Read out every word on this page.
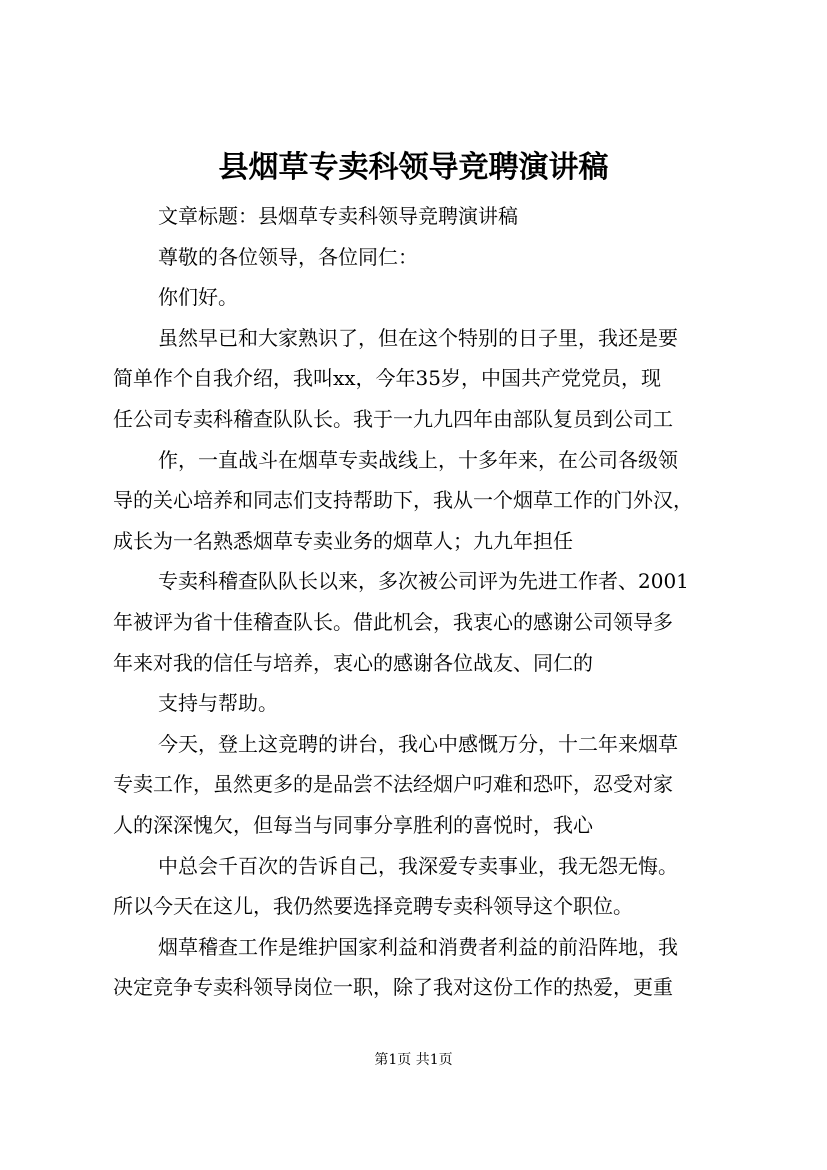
县烟草专卖科领导竞聘演讲稿
文章标题：县烟草专卖科领导竞聘演讲稿
尊敬的各位领导，各位同仁：
你们好。
虽然早已和大家熟识了，但在这个特别的日子里，我还是要
简单作个自我介绍，我叫xx，今年35岁，中国共产党党员，现
任公司专卖科稽查队队长。我于一九九四年由部队复员到公司工
作，一直战斗在烟草专卖战线上，十多年来，在公司各级领
导的关心培养和同志们支持帮助下，我从一个烟草工作的门外汉，
成长为一名熟悉烟草专卖业务的烟草人；九九年担任
专卖科稽查队队长以来，多次被公司评为先进工作者、2001
年被评为省十佳稽查队长。借此机会，我衷心的感谢公司领导多
年来对我的信任与培养，衷心的感谢各位战友、同仁的
支持与帮助。
今天，登上这竞聘的讲台，我心中感慨万分，十二年来烟草
专卖工作，虽然更多的是品尝不法经烟户叼难和恐吓，忍受对家
人的深深愧欠，但每当与同事分享胜利的喜悦时，我心
中总会千百次的告诉自己，我深爱专卖事业，我无怨无悔。
所以今天在这儿，我仍然要选择竞聘专卖科领导这个职位。
烟草稽查工作是维护国家利益和消费者利益的前沿阵地，我
决定竞争专卖科领导岗位一职，除了我对这份工作的热爱，更重
第1页 共1页
